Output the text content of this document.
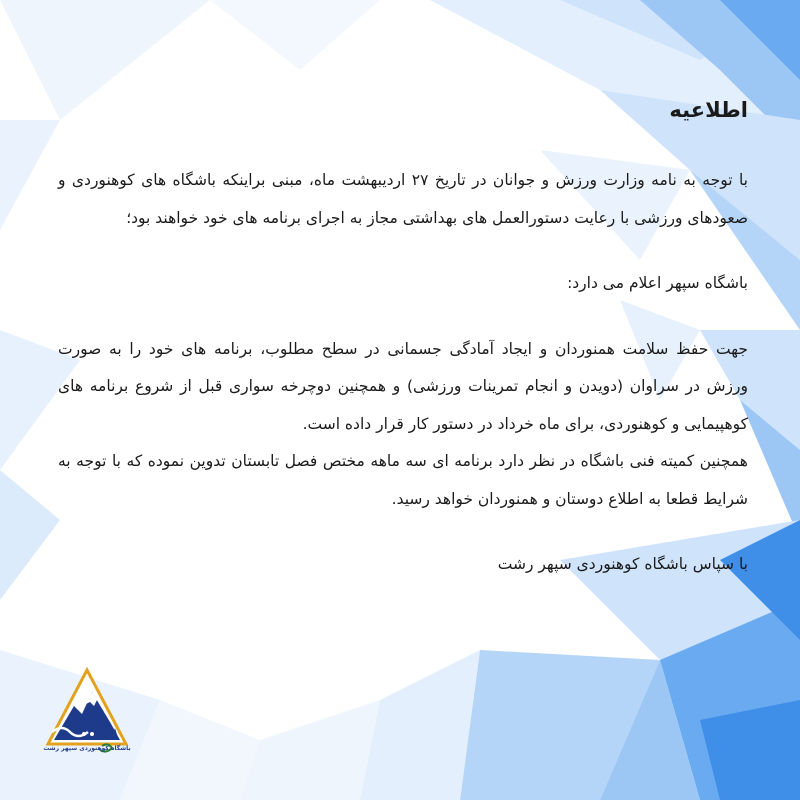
اطلاعیه

با توجه به نامه وزارت ورزش و جوانان در تاریخ ۲۷ اردیبهشت ماه، مبنی براینکه باشگاه های کوهنوردی و صعودهای ورزشی با رعایت دستورالعمل های بهداشتی مجاز به اجرای برنامه های خود خواهند بود؛

باشگاه سپهر اعلام می دارد:

جهت حفظ سلامت همنوردان و ایجاد آمادگی جسمانی در سطح مطلوب، برنامه های خود را به صورت ورزش در سراوان (دویدن و انجام تمرینات ورزشی) و همچنین دوچرخه سواری قبل از شروع برنامه های کوهپیمایی و کوهنوردی، برای ماه خرداد در دستور کار قرار داده است.

همچنین کمیته فنی باشگاه در نظر دارد برنامه ای سه ماهه مختص فصل تابستان تدوین نموده که با توجه به شرایط قطعا به اطلاع دوستان و همنوردان خواهد رسید.

با سپاس باشگاه کوهنوردی سپهر رشت

باشگاه کوهنوردی سپهر رشت
